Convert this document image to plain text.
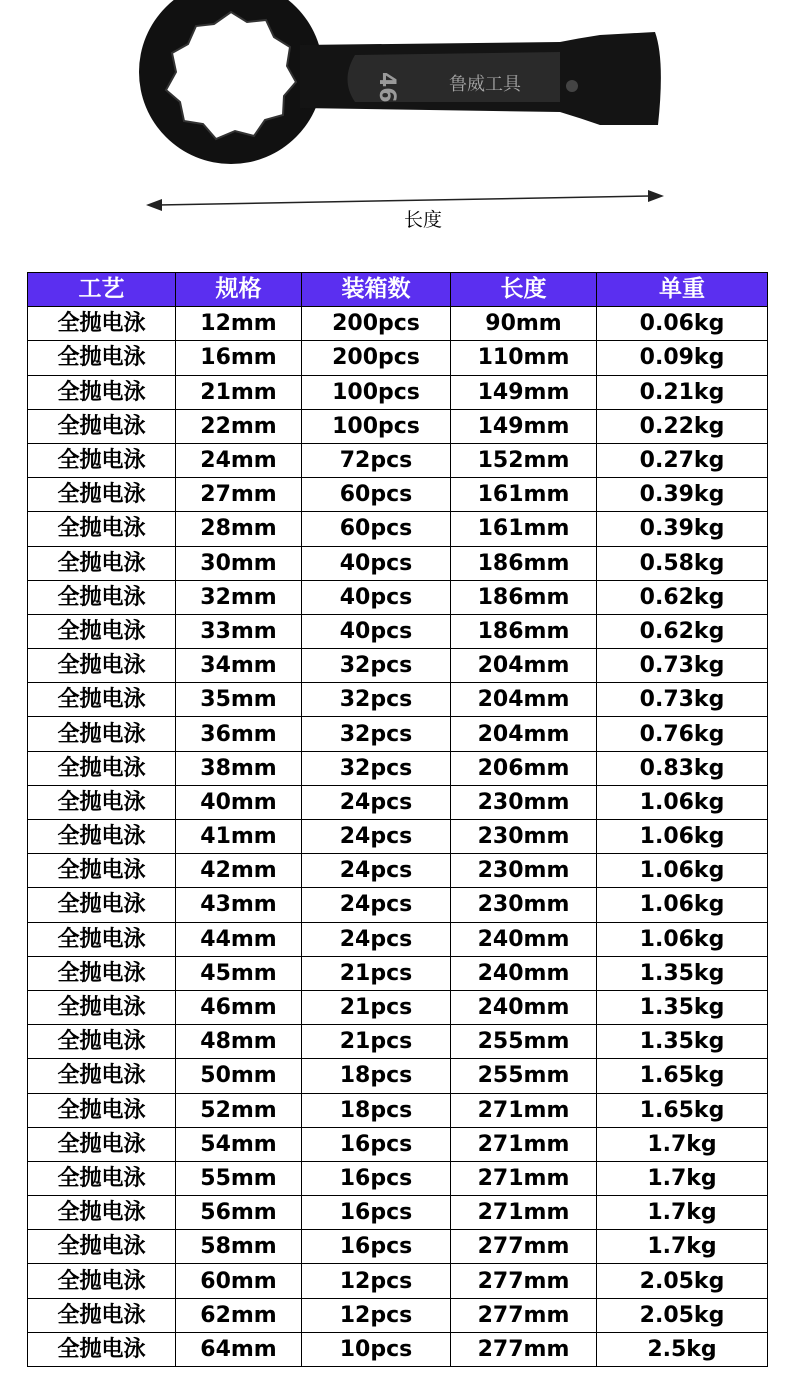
46	鲁威工具
长度
工艺	规格	装箱数	长度	单重
全抛电泳	12mm	200pcs	90mm	0.06kg
全抛电泳	16mm	200pcs	110mm	0.09kg
全抛电泳	21mm	100pcs	149mm	0.21kg
全抛电泳	22mm	100pcs	149mm	0.22kg
全抛电泳	24mm	72pcs	152mm	0.27kg
全抛电泳	27mm	60pcs	161mm	0.39kg
全抛电泳	28mm	60pcs	161mm	0.39kg
全抛电泳	30mm	40pcs	186mm	0.58kg
全抛电泳	32mm	40pcs	186mm	0.62kg
全抛电泳	33mm	40pcs	186mm	0.62kg
全抛电泳	34mm	32pcs	204mm	0.73kg
全抛电泳	35mm	32pcs	204mm	0.73kg
全抛电泳	36mm	32pcs	204mm	0.76kg
全抛电泳	38mm	32pcs	206mm	0.83kg
全抛电泳	40mm	24pcs	230mm	1.06kg
全抛电泳	41mm	24pcs	230mm	1.06kg
全抛电泳	42mm	24pcs	230mm	1.06kg
全抛电泳	43mm	24pcs	230mm	1.06kg
全抛电泳	44mm	24pcs	240mm	1.06kg
全抛电泳	45mm	21pcs	240mm	1.35kg
全抛电泳	46mm	21pcs	240mm	1.35kg
全抛电泳	48mm	21pcs	255mm	1.35kg
全抛电泳	50mm	18pcs	255mm	1.65kg
全抛电泳	52mm	18pcs	271mm	1.65kg
全抛电泳	54mm	16pcs	271mm	1.7kg
全抛电泳	55mm	16pcs	271mm	1.7kg
全抛电泳	56mm	16pcs	271mm	1.7kg
全抛电泳	58mm	16pcs	277mm	1.7kg
全抛电泳	60mm	12pcs	277mm	2.05kg
全抛电泳	62mm	12pcs	277mm	2.05kg
全抛电泳	64mm	10pcs	277mm	2.5kg
